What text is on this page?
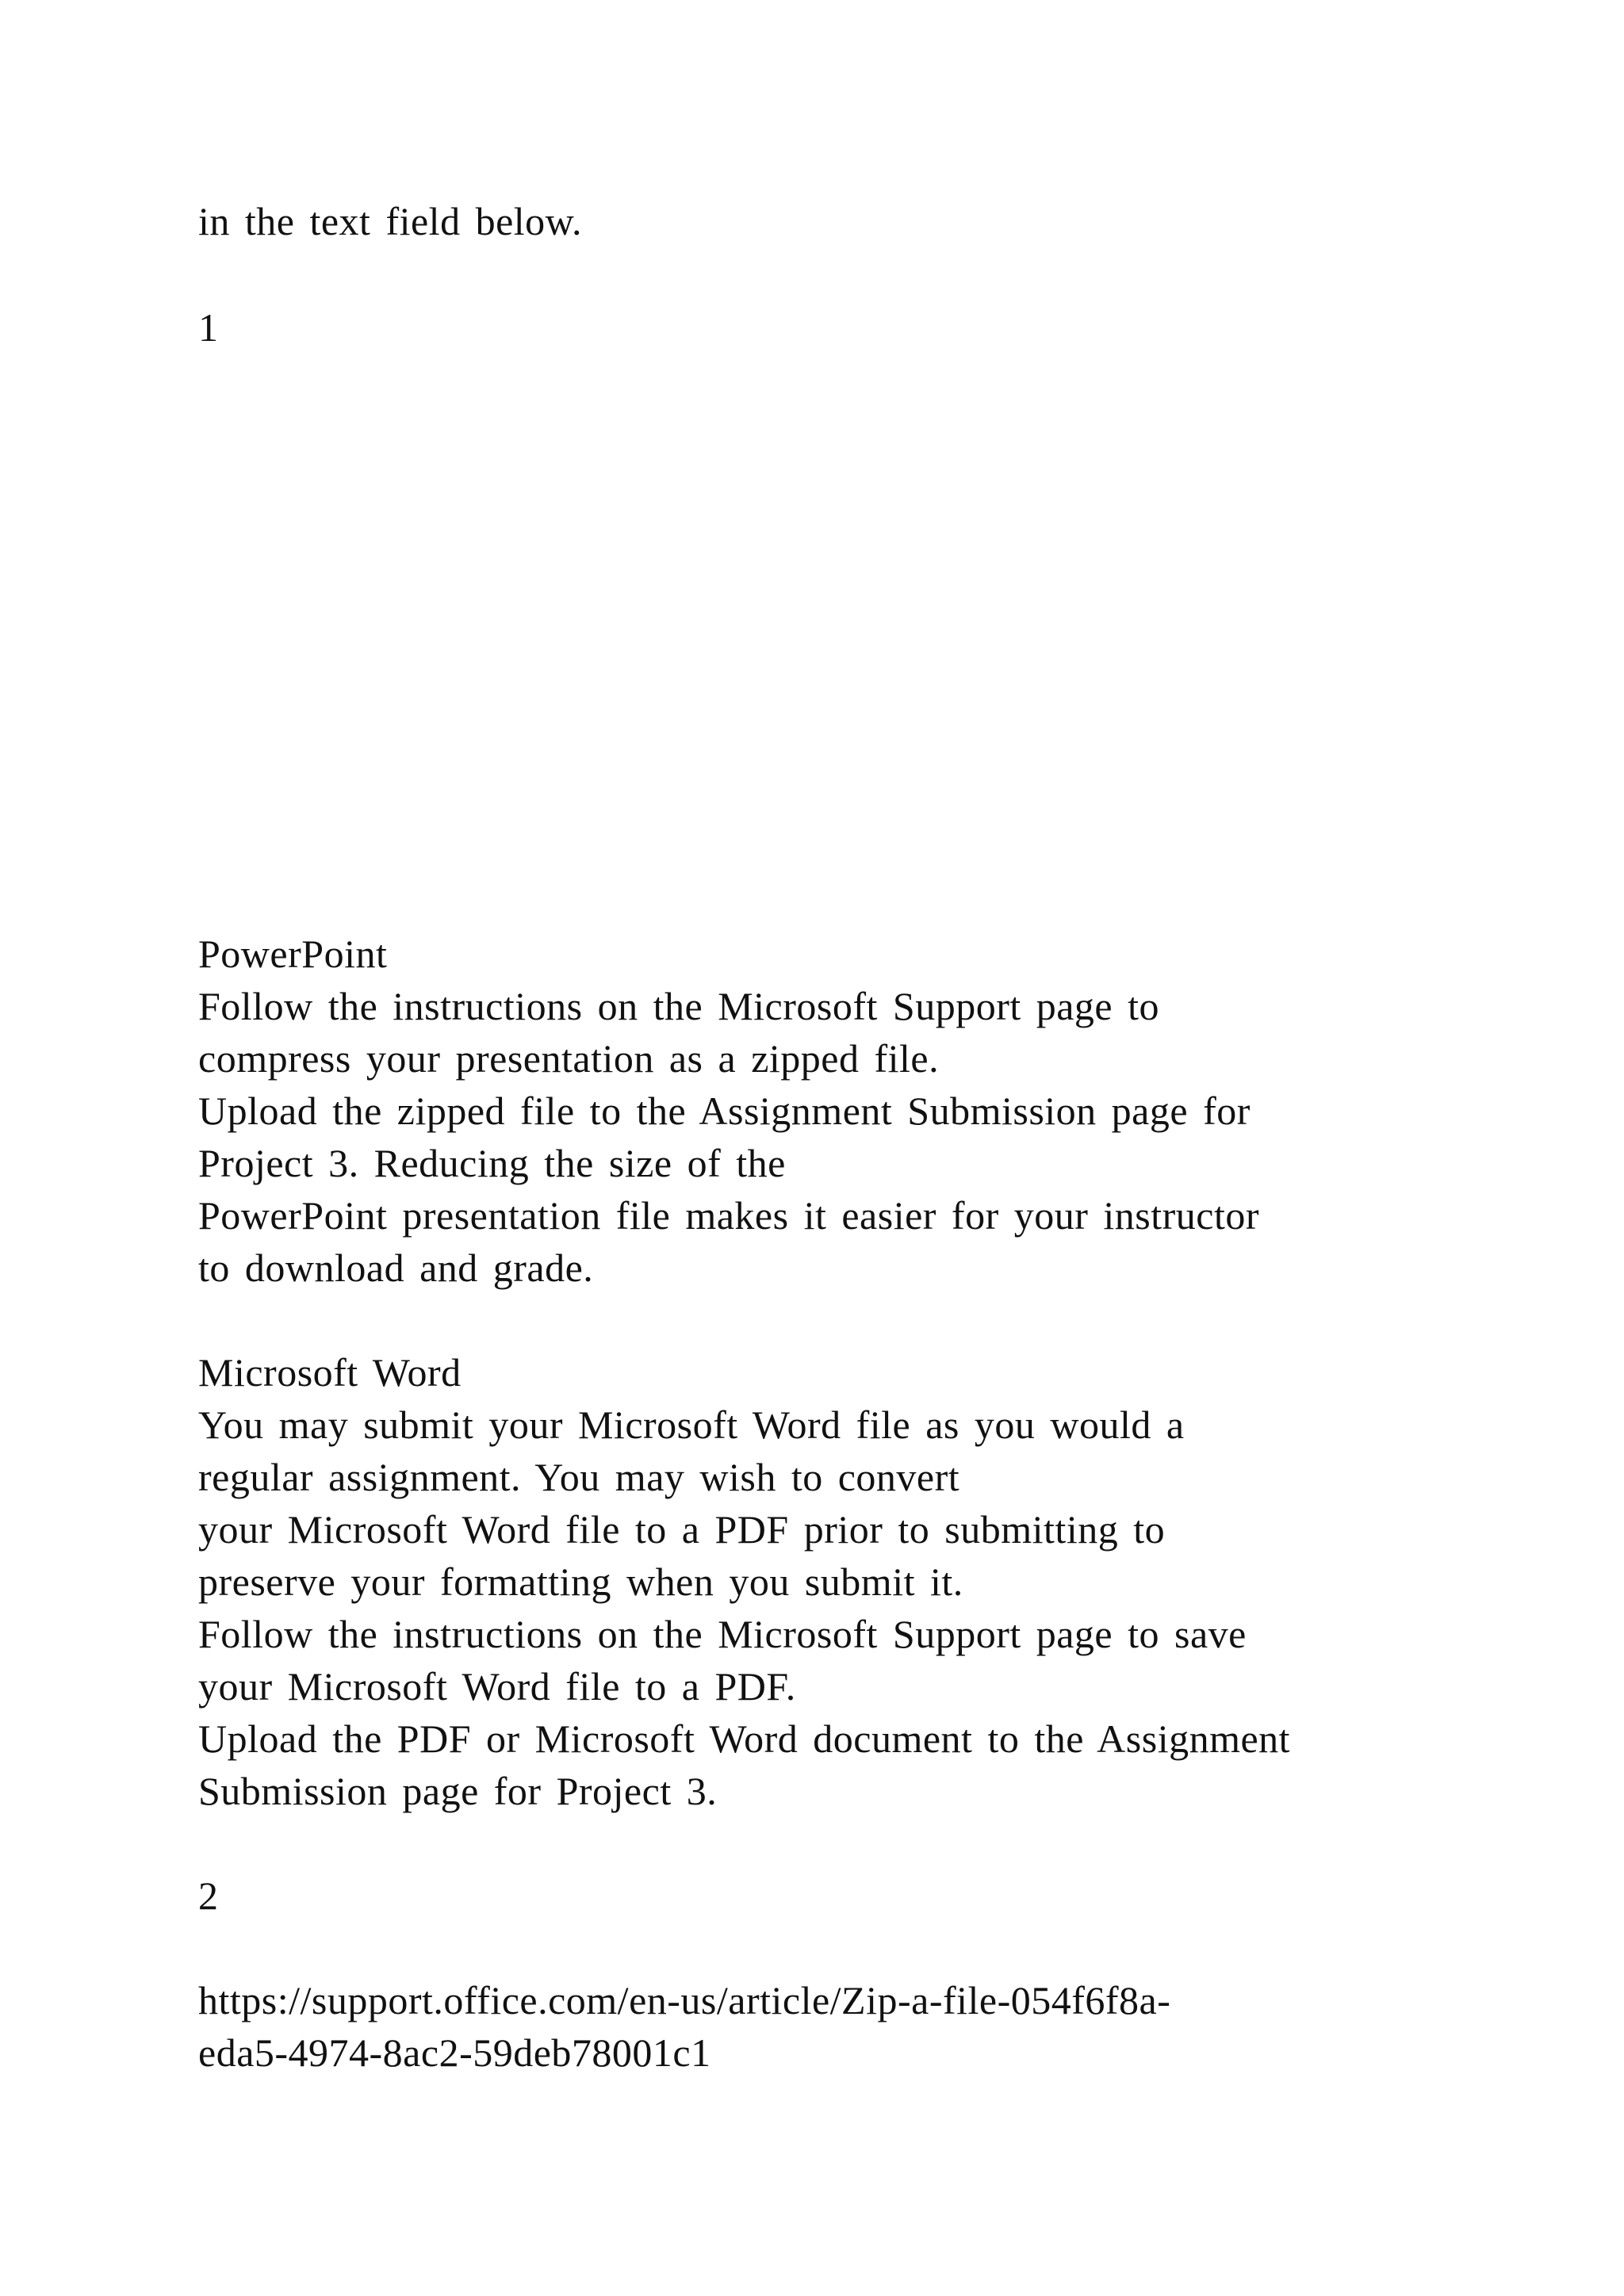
in the text field below.
1
PowerPoint
Follow the instructions on the Microsoft Support page to
compress your presentation as a zipped file.
Upload the zipped file to the Assignment Submission page for
Project 3. Reducing the size of the
PowerPoint presentation file makes it easier for your instructor
to download and grade.
Microsoft Word
You may submit your Microsoft Word file as you would a
regular assignment. You may wish to convert
your Microsoft Word file to a PDF prior to submitting to
preserve your formatting when you submit it.
Follow the instructions on the Microsoft Support page to save
your Microsoft Word file to a PDF.
Upload the PDF or Microsoft Word document to the Assignment
Submission page for Project 3.
2
https://support.office.com/en-us/article/Zip-a-file-054f6f8a-
eda5-4974-8ac2-59deb78001c1
